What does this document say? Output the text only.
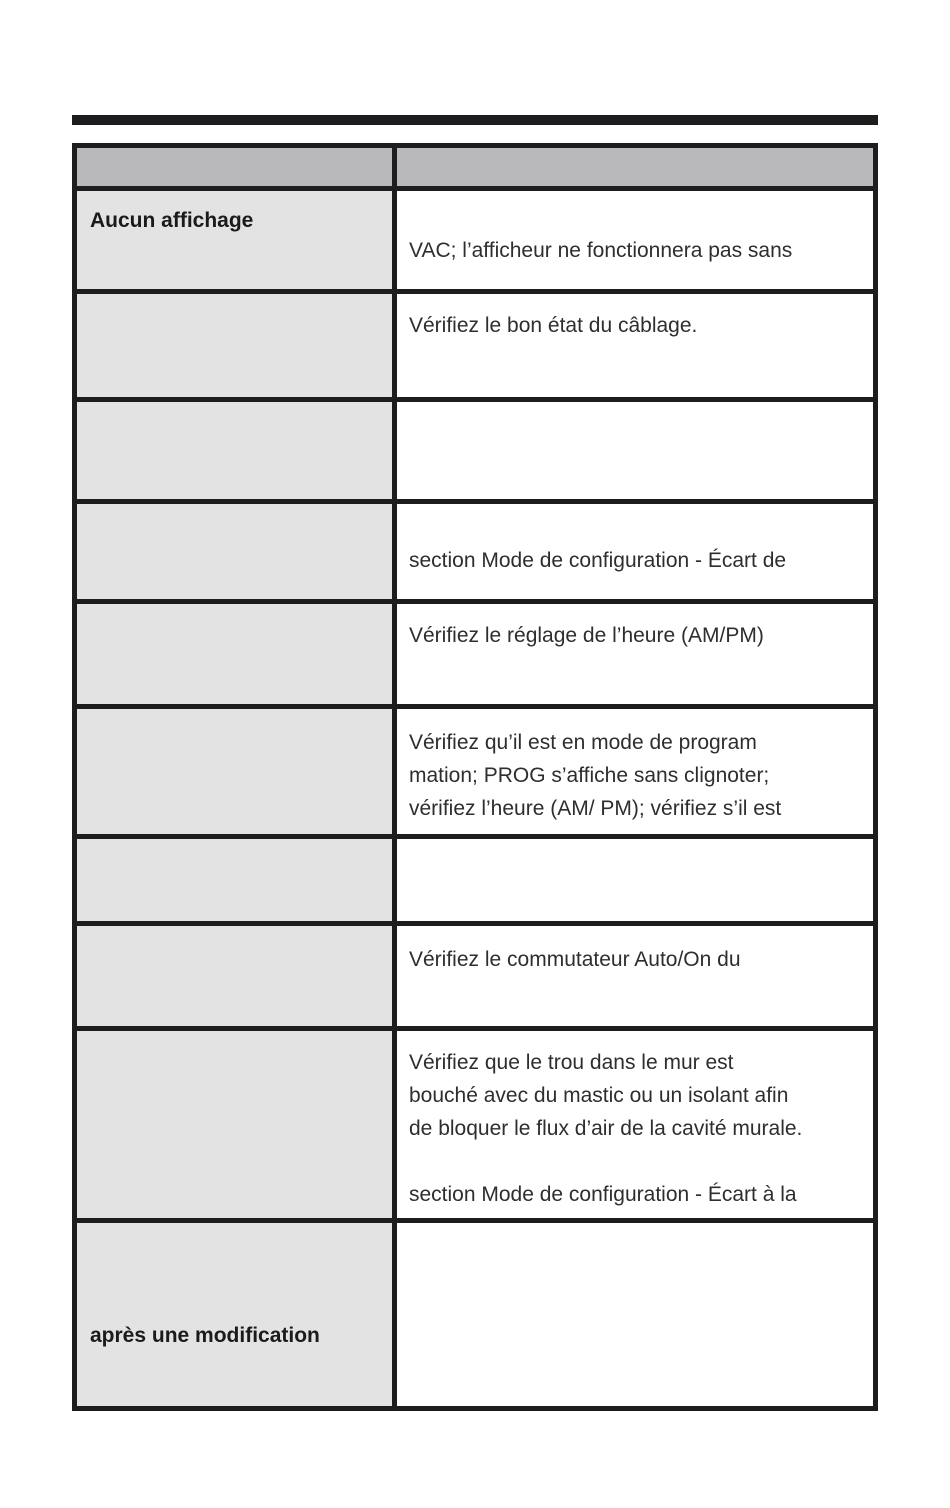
Aucun affichage
VAC; l’afficheur ne fonctionnera pas sans
Vérifiez le bon état du câblage.
section Mode de configuration - Écart de
Vérifiez le réglage de l’heure (AM/PM)
Vérifiez qu’il est en mode de program
mation; PROG s’affiche sans clignoter;
vérifiez l’heure (AM/ PM); vérifiez s’il est
Vérifiez le commutateur Auto/On du
Vérifiez que le trou dans le mur est
bouché avec du mastic ou un isolant afin
de bloquer le flux d’air de la cavité murale.
section Mode de configuration - Écart à la
après une modification
